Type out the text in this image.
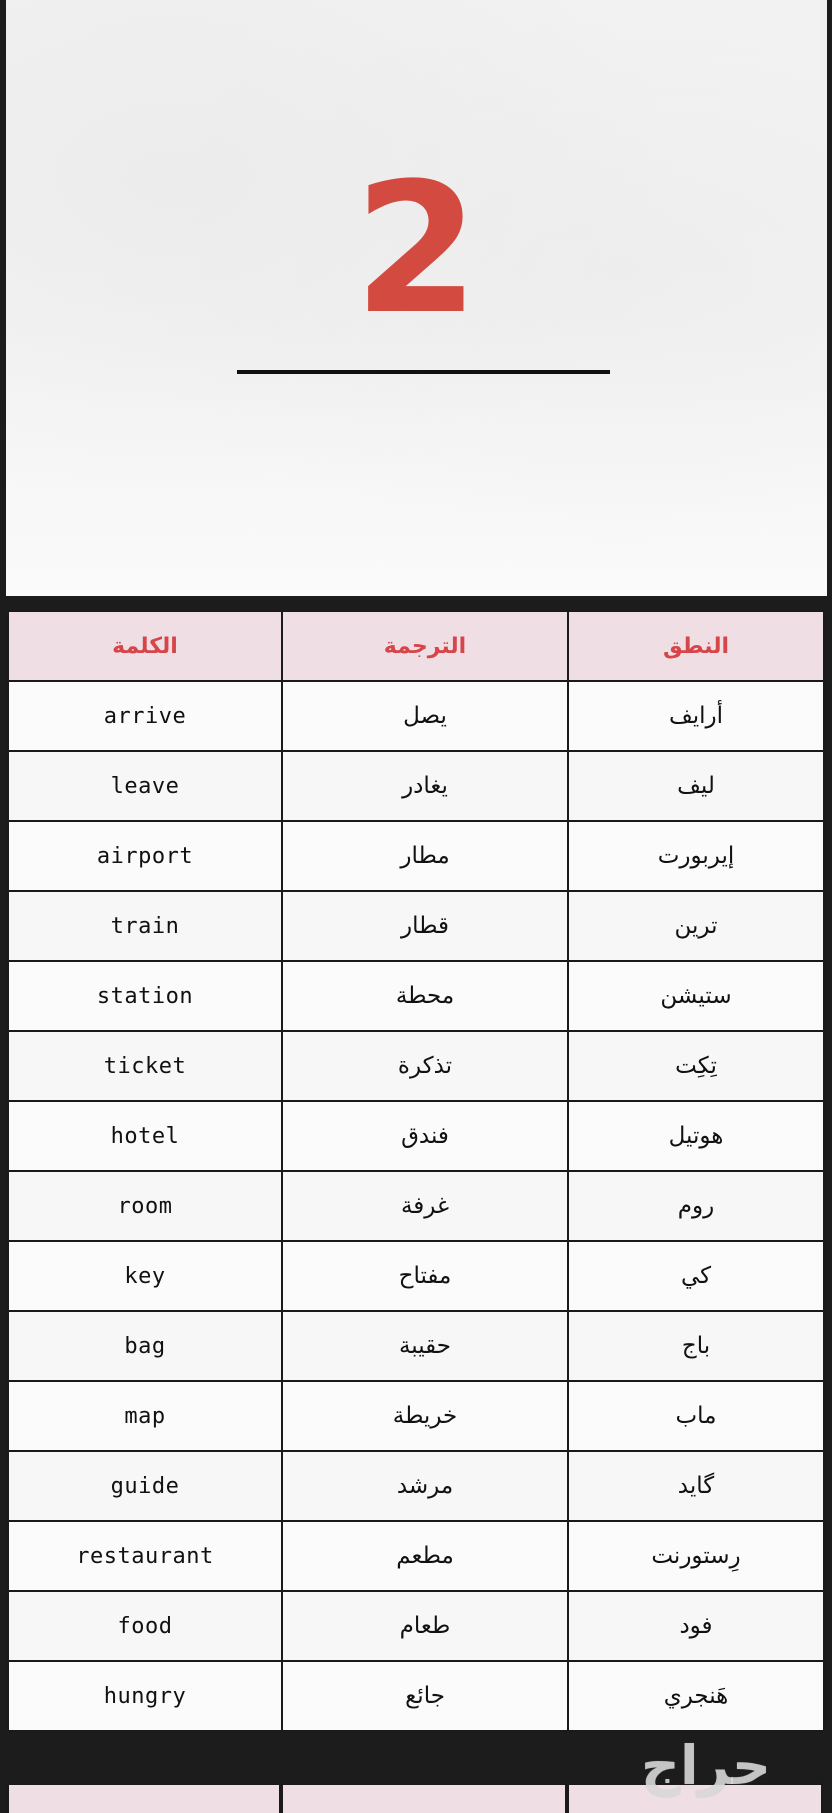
2
الكلمة	الترجمة	النطق
arrive	يصل	أرايف
leave	يغادر	ليف
airport	مطار	إيربورت
train	قطار	ترين
station	محطة	ستيشن
ticket	تذكرة	تِكِت
hotel	فندق	هوتيل
room	غرفة	روم
key	مفتاح	كي
bag	حقيبة	باج
map	خريطة	ماب
guide	مرشد	گايد
restaurant	مطعم	رِستورنت
food	طعام	فود
hungry	جائع	هَنجري
حراج
